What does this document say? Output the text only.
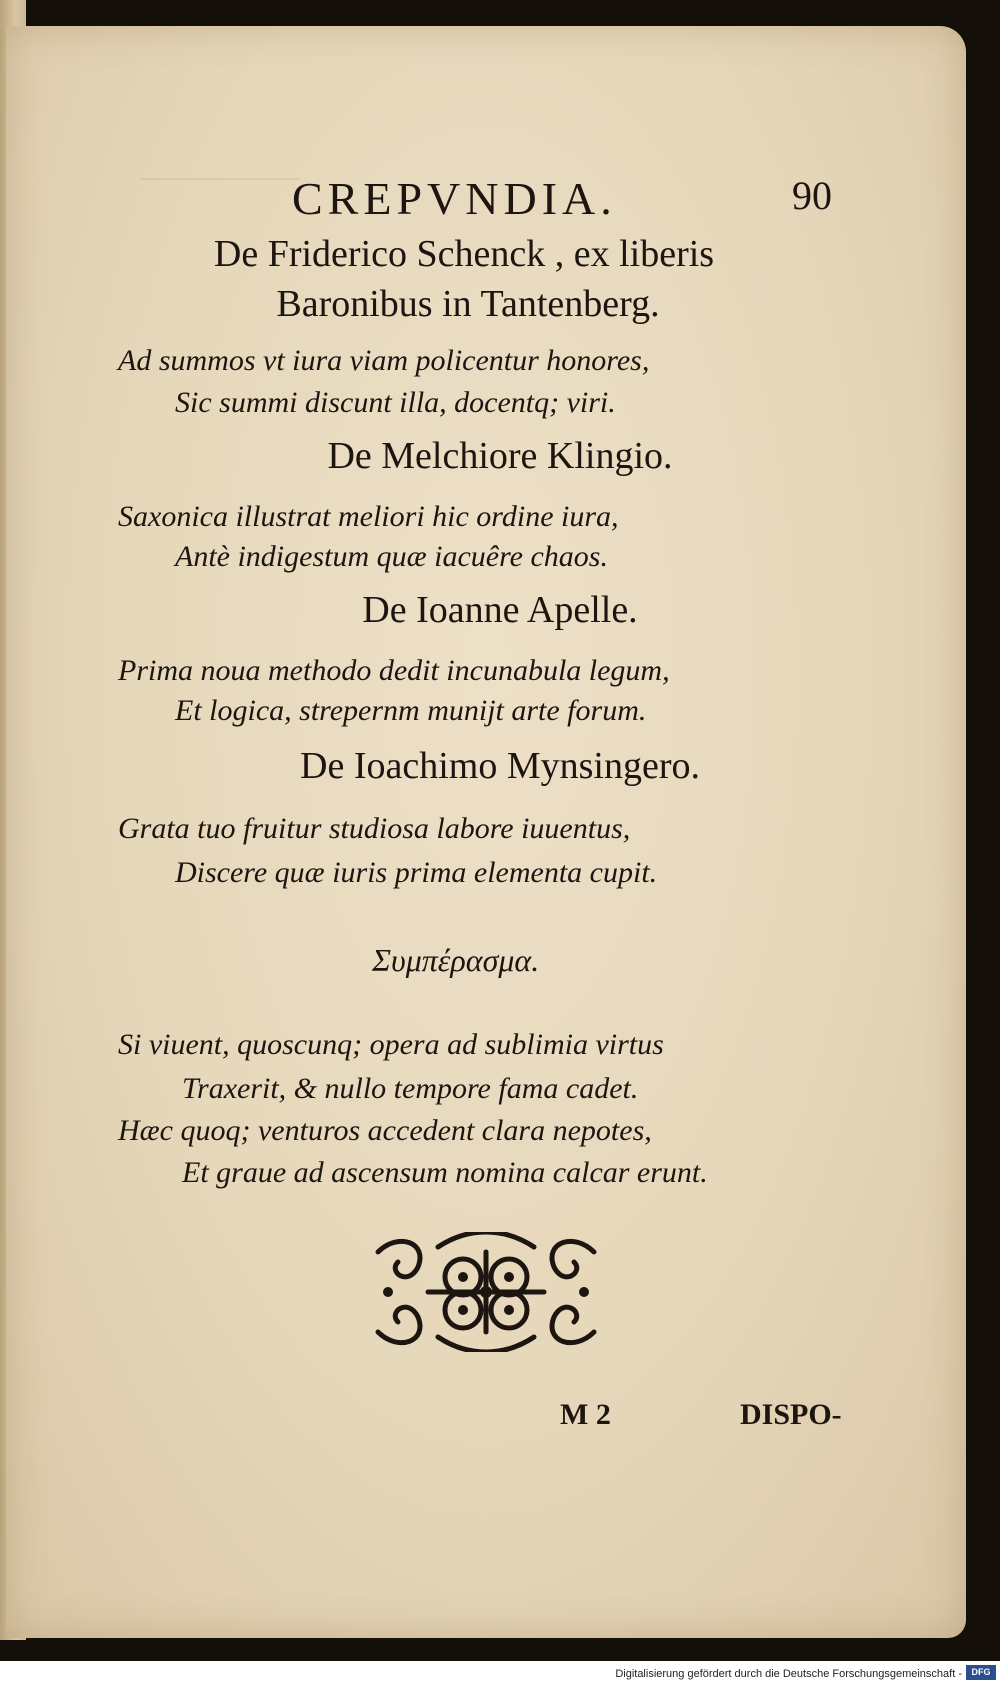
CREPVNDIA.	90
De Friderico Schenck , ex liberis
Baronibus in Tantenberg.
Ad summos vt iura viam policentur honores,
Sic summi discunt illa, docentq; viri.
De Melchiore Klingio.
Saxonica illustrat meliori hic ordine iura,
Antè indigestum quæ iacuêre chaos.
De Ioanne Apelle.
Prima noua methodo dedit incunabula legum,
Et logica, strepernm munijt arte forum.
De Ioachimo Mynsingero.
Grata tuo fruitur studiosa labore iuuentus,
Discere quæ iuris prima elementa cupit.
Συμπέρασμα.
Si viuent, quoscunq; opera ad sublimia virtus
Traxerit, & nullo tempore fama cadet.
Hæc quoq; venturos accedent clara nepotes,
Et graue ad ascensum nomina calcar erunt.
M 2	DISPO-
Digitalisierung gefördert durch die Deutsche Forschungsgemeinschaft -	DFG
